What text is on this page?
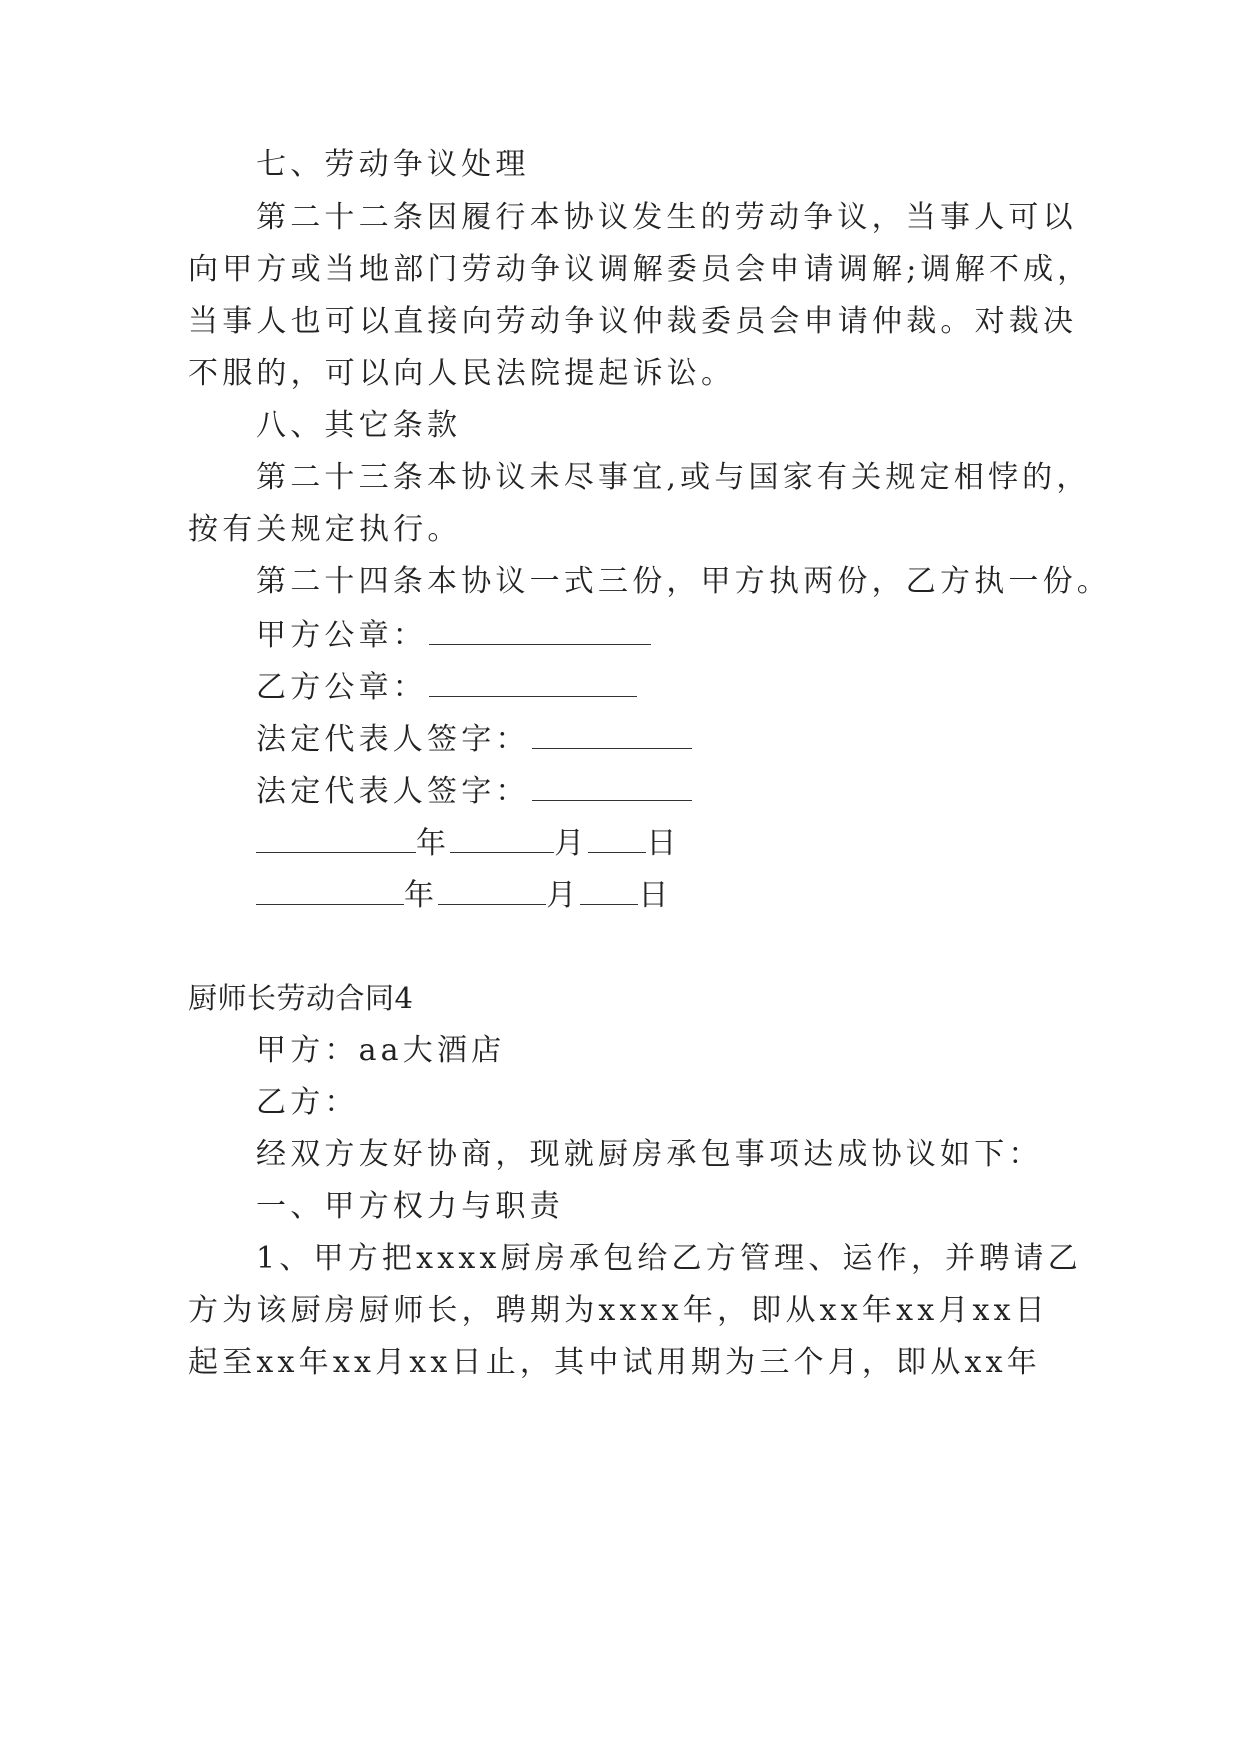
七、劳动争议处理
第二十二条因履行本协议发生的劳动争议，当事人可以
向甲方或当地部门劳动争议调解委员会申请调解;调解不成，
当事人也可以直接向劳动争议仲裁委员会申请仲裁。对裁决
不服的，可以向人民法院提起诉讼。
八、其它条款
第二十三条本协议未尽事宜,或与国家有关规定相悖的，
按有关规定执行。
第二十四条本协议一式三份，甲方执两份，乙方执一份。
甲方公章：
乙方公章：
法定代表人签字：
法定代表人签字：
年	月 日
年	月 日
厨师长劳动合同4
甲方：aa大酒店
乙方：
经双方友好协商，现就厨房承包事项达成协议如下：
一、甲方权力与职责
1、甲方把xxxx厨房承包给乙方管理、运作，并聘请乙
方为该厨房厨师长，聘期为xxxx年，即从xx年xx月xx日
起至xx年xx月xx日止，其中试用期为三个月，即从xx年
